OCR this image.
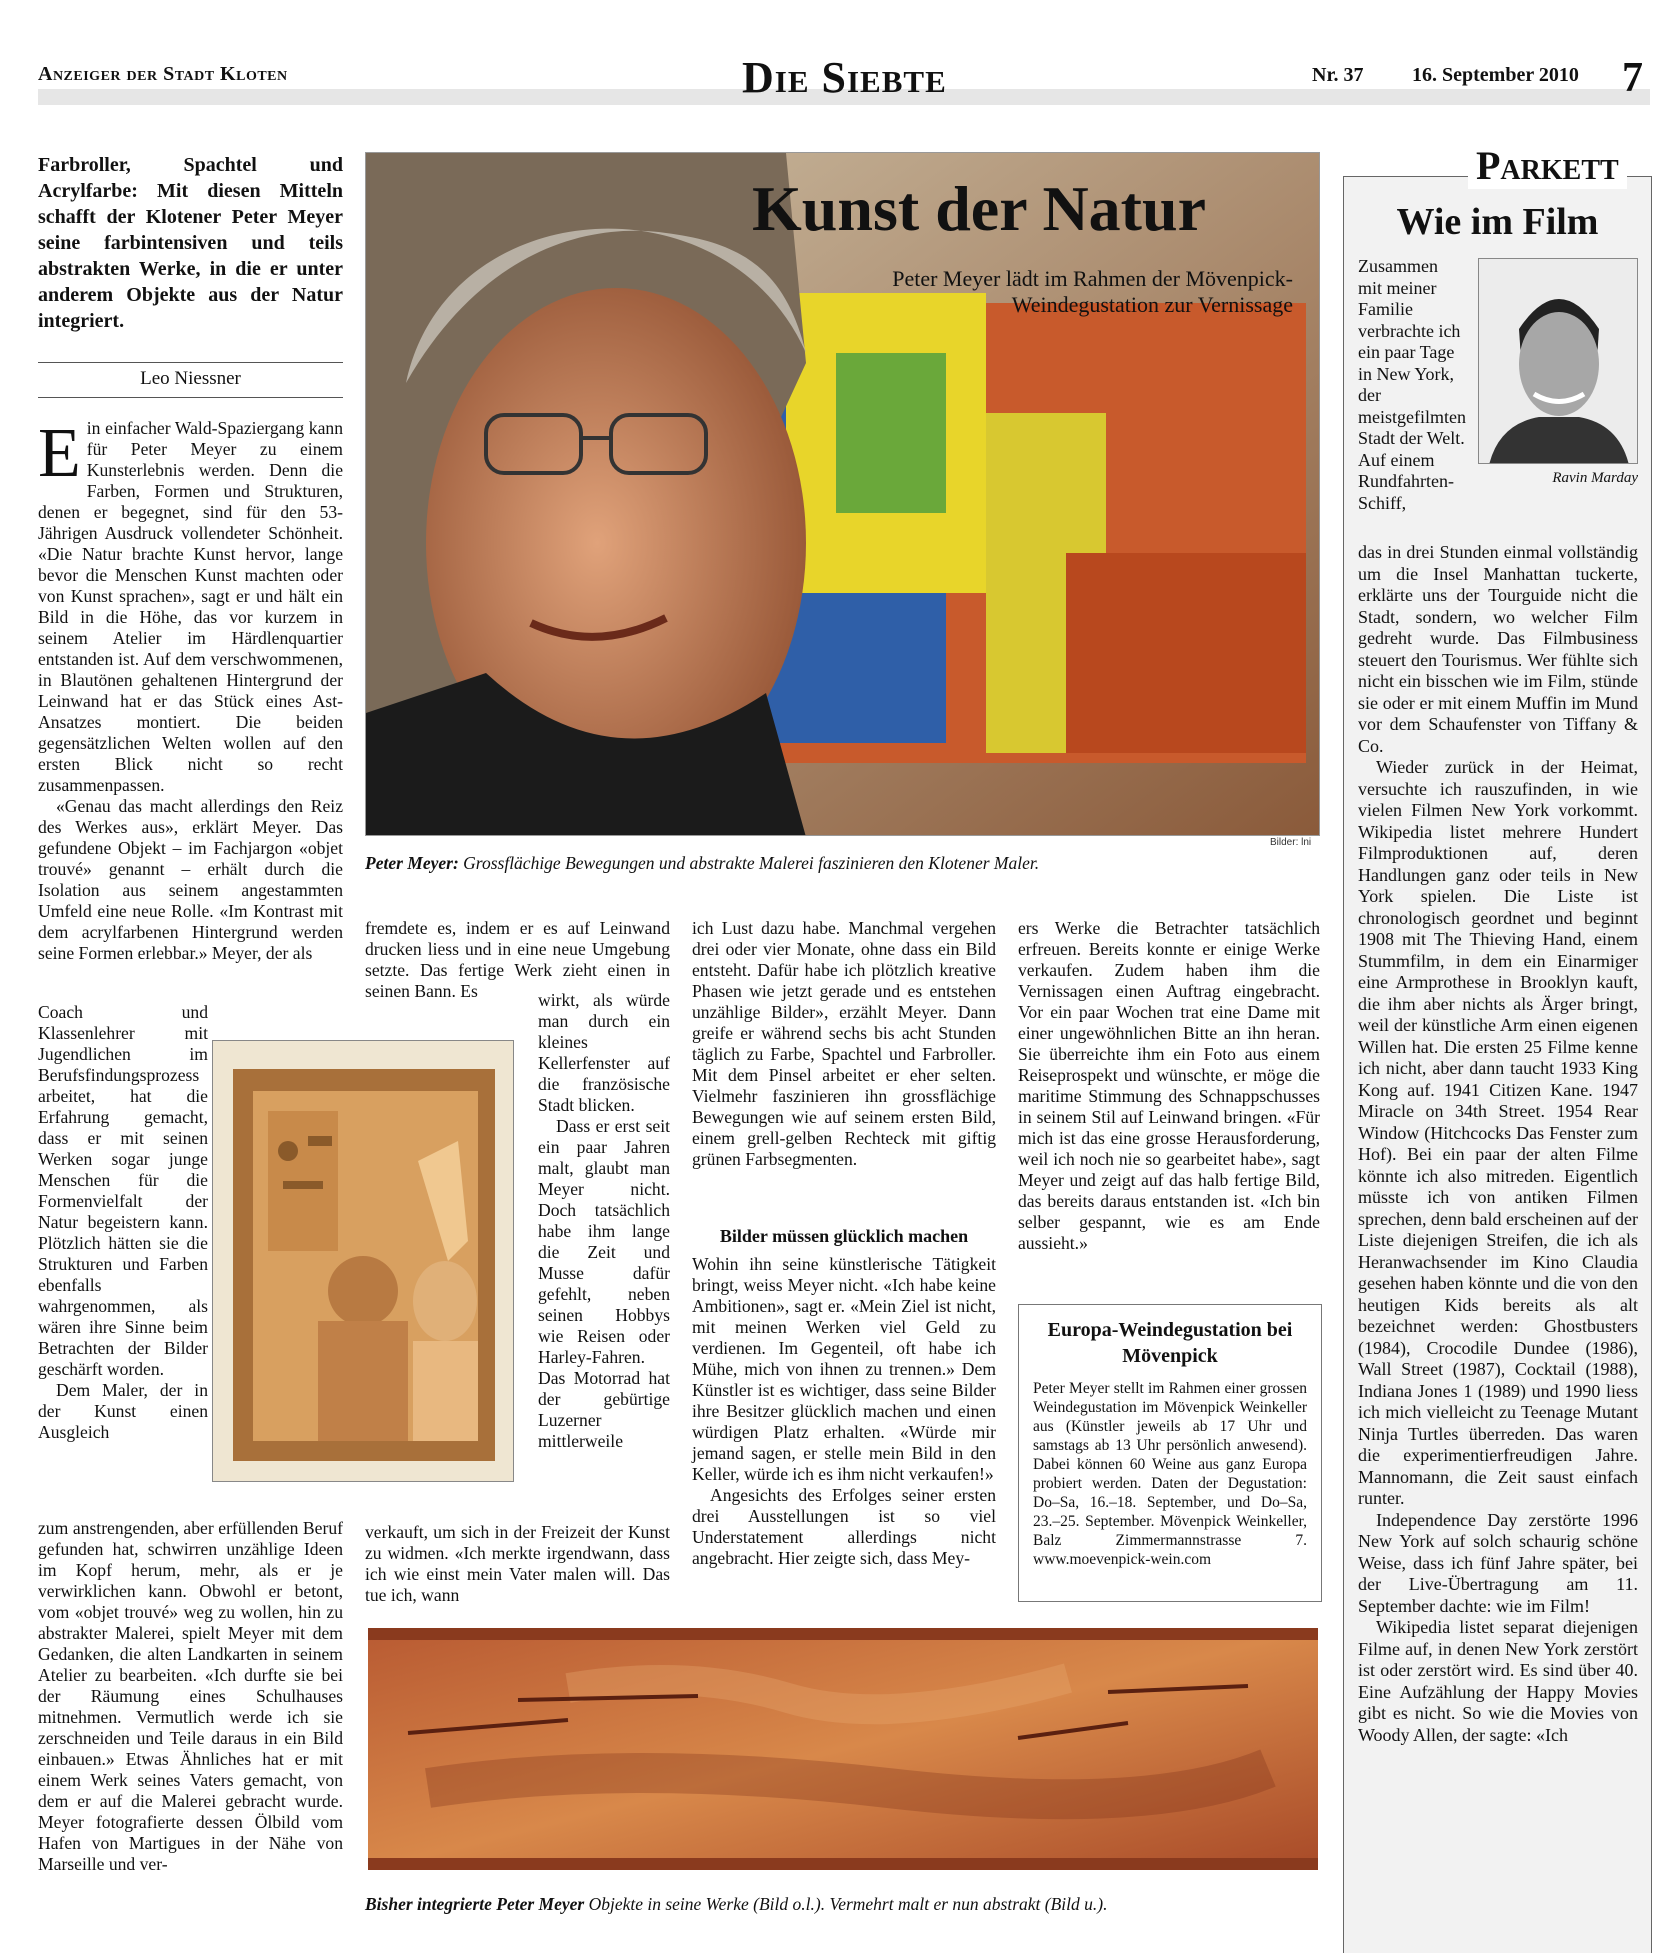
Anzeiger der Stadt Kloten	Die Siebte	Nr. 37 16. September 2010 7
Farbroller, Spachtel und Acrylfarbe: Mit diesen Mitteln schafft der Klotener Peter Meyer seine farbintensiven und teils abstrakten Werke, in die er unter anderem Objekte aus der Natur integriert.
Leo Niessner
Kunst der Natur
Peter Meyer lädt im Rahmen der Mövenpick-Weindegustation zur Vernissage
Bilder: lni
Peter Meyer: Grossflächige Bewegungen und abstrakte Malerei faszinieren den Klotener Maler.

Ein einfacher Wald-Spaziergang kann für Peter Meyer zu einem Kunsterlebnis werden. Denn die Farben, Formen und Strukturen, denen er begegnet, sind für den 53-Jährigen Ausdruck vollendeter Schönheit. «Die Natur brachte Kunst hervor, lange bevor die Menschen Kunst machten oder von Kunst sprachen», sagt er und hält ein Bild in die Höhe, das vor kurzem in seinem Atelier im Härdlenquartier entstanden ist. Auf dem verschwommenen, in Blautönen gehaltenen Hintergrund der Leinwand hat er das Stück eines Ast-Ansatzes montiert. Die beiden gegensätzlichen Welten wollen auf den ersten Blick nicht so recht zusammenpassen.

«Genau das macht allerdings den Reiz des Werkes aus», erklärt Meyer. Das gefundene Objekt – im Fachjargon «objet trouvé» genannt – erhält durch die Isolation aus seinem angestammten Umfeld eine neue Rolle. «Im Kontrast mit dem acrylfarbenen Hintergrund werden seine Formen erlebbar.» Meyer, der als

Coach und Klassenlehrer mit Jugendlichen im Berufsfindungsprozess arbeitet, hat die Erfahrung gemacht, dass er mit seinen Werken sogar junge Menschen für die Formenvielfalt der Natur begeistern kann. Plötzlich hätten sie die Strukturen und Farben ebenfalls wahrgenommen, als wären ihre Sinne beim Betrachten der Bilder geschärft worden.

Dem Maler, der in der Kunst einen Ausgleich

zum anstrengenden, aber erfüllenden Beruf gefunden hat, schwirren unzählige Ideen im Kopf herum, mehr, als er je verwirklichen kann. Obwohl er betont, vom «objet trouvé» weg zu wollen, hin zu abstrakter Malerei, spielt Meyer mit dem Gedanken, die alten Landkarten in seinem Atelier zu bearbeiten. «Ich durfte sie bei der Räumung eines Schulhauses mitnehmen. Vermutlich werde ich sie zerschneiden und Teile daraus in ein Bild einbauen.» Etwas Ähnliches hat er mit einem Werk seines Vaters gemacht, von dem er auf die Malerei gebracht wurde. Meyer fotografierte dessen Ölbild vom Hafen von Martigues in der Nähe von Marseille und ver-

fremdete es, indem er es auf Leinwand drucken liess und in eine neue Umgebung setzte. Das fertige Werk zieht einen in seinen Bann. Es	wirkt, als würde man durch ein kleines Kellerfenster auf die französische Stadt blicken.

Dass er erst seit ein paar Jahren malt, glaubt man Meyer nicht. Doch tatsächlich habe ihm lange die Zeit und Musse dafür gefehlt, neben seinen Hobbys wie Reisen oder Harley-Fahren. Das Motorrad hat der gebürtige Luzerner mittlerweile

verkauft, um sich in der Freizeit der Kunst zu widmen. «Ich merkte irgendwann, dass ich wie einst mein Vater malen will. Das tue ich, wann

ich Lust dazu habe. Manchmal vergehen drei oder vier Monate, ohne dass ein Bild entsteht. Dafür habe ich plötzlich kreative Phasen wie jetzt gerade und es entstehen unzählige Bilder», erzählt Meyer. Dann greife er während sechs bis acht Stunden täglich zu Farbe, Spachtel und Farbroller. Mit dem Pinsel arbeitet er eher selten. Vielmehr faszinieren ihn grossflächige Bewegungen wie auf seinem ersten Bild, einem grell-gelben Rechteck mit giftig grünen Farbsegmenten.

Bilder müssen glücklich machen

Wohin ihn seine künstlerische Tätigkeit bringt, weiss Meyer nicht. «Ich habe keine Ambitionen», sagt er. «Mein Ziel ist nicht, mit meinen Werken viel Geld zu verdienen. Im Gegenteil, oft habe ich Mühe, mich von ihnen zu trennen.» Dem Künstler ist es wichtiger, dass seine Bilder ihre Besitzer glücklich machen und einen würdigen Platz erhalten. «Würde mir jemand sagen, er stelle mein Bild in den Keller, würde ich es ihm nicht verkaufen!»

Angesichts des Erfolges seiner ersten drei Ausstellungen ist so viel Understatement allerdings nicht angebracht. Hier zeigte sich, dass Mey-

ers Werke die Betrachter tatsächlich erfreuen. Bereits konnte er einige Werke verkaufen. Zudem haben ihm die Vernissagen einen Auftrag eingebracht. Vor ein paar Wochen trat eine Dame mit einer ungewöhnlichen Bitte an ihn heran. Sie überreichte ihm ein Foto aus einem Reiseprospekt und wünschte, er möge die maritime Stimmung des Schnappschusses in seinem Stil auf Leinwand bringen. «Für mich ist das eine grosse Herausforderung, weil ich noch nie so gearbeitet habe», sagt Meyer und zeigt auf das halb fertige Bild, das bereits daraus entstanden ist. «Ich bin selber gespannt, wie es am Ende aussieht.»

Europa-Weindegustation bei Mövenpick
Peter Meyer stellt im Rahmen einer grossen Weindegustation im Mövenpick Weinkeller aus (Künstler jeweils ab 17 Uhr und samstags ab 13 Uhr persönlich anwesend). Dabei können 60 Weine aus ganz Europa probiert werden. Daten der Degustation: Do–Sa, 16.–18. September, und Do–Sa, 23.–25. September. Mövenpick Weinkeller, Balz Zimmermannstrasse 7. www.moevenpick-wein.com
Bisher integrierte Peter Meyer Objekte in seine Werke (Bild o.l.). Vermehrt malt er nun abstrakt (Bild u.).
Parkett
Wie im Film
Ravin Marday
Zusammen mit meiner Familie verbrachte ich ein paar Tage in New York, der meistgefilmten Stadt der Welt. Auf einem Rundfahrten-Schiff,

das in drei Stunden einmal vollständig um die Insel Manhattan tuckerte, erklärte uns der Tourguide nicht die Stadt, sondern, wo welcher Film gedreht wurde. Das Filmbusiness steuert den Tourismus. Wer fühlte sich nicht ein bisschen wie im Film, stünde sie oder er mit einem Muffin im Mund vor dem Schaufenster von Tiffany & Co.

Wieder zurück in der Heimat, versuchte ich rauszufinden, in wie vielen Filmen New York vorkommt. Wikipedia listet mehrere Hundert Filmproduktionen auf, deren Handlungen ganz oder teils in New York spielen. Die Liste ist chronologisch geordnet und beginnt 1908 mit The Thieving Hand, einem Stummfilm, in dem ein Einarmiger eine Armprothese in Brooklyn kauft, die ihm aber nichts als Ärger bringt, weil der künstliche Arm einen eigenen Willen hat. Die ersten 25 Filme kenne ich nicht, aber dann taucht 1933 King Kong auf. 1941 Citizen Kane. 1947 Miracle on 34th Street. 1954 Rear Window (Hitchcocks Das Fenster zum Hof). Bei ein paar der alten Filme könnte ich also mitreden. Eigentlich müsste ich von antiken Filmen sprechen, denn bald erscheinen auf der Liste diejenigen Streifen, die ich als Heranwachsender im Kino Claudia gesehen haben könnte und die von den heutigen Kids bereits als alt bezeichnet werden: Ghostbusters (1984), Crocodile Dundee (1986), Wall Street (1987), Cocktail (1988), Indiana Jones 1 (1989) und 1990 liess ich mich vielleicht zu Teenage Mutant Ninja Turtles überreden. Das waren die experimentierfreudigen Jahre. Mannomann, die Zeit saust einfach runter.

Independence Day zerstörte 1996 New York auf solch schaurig schöne Weise, dass ich fünf Jahre später, bei der Live-Übertragung am 11. September dachte: wie im Film!

Wikipedia listet separat diejenigen Filme auf, in denen New York zerstört ist oder zerstört wird. Es sind über 40. Eine Aufzählung der Happy Movies gibt es nicht. So wie die Movies von Woody Allen, der sagte: «Ich
